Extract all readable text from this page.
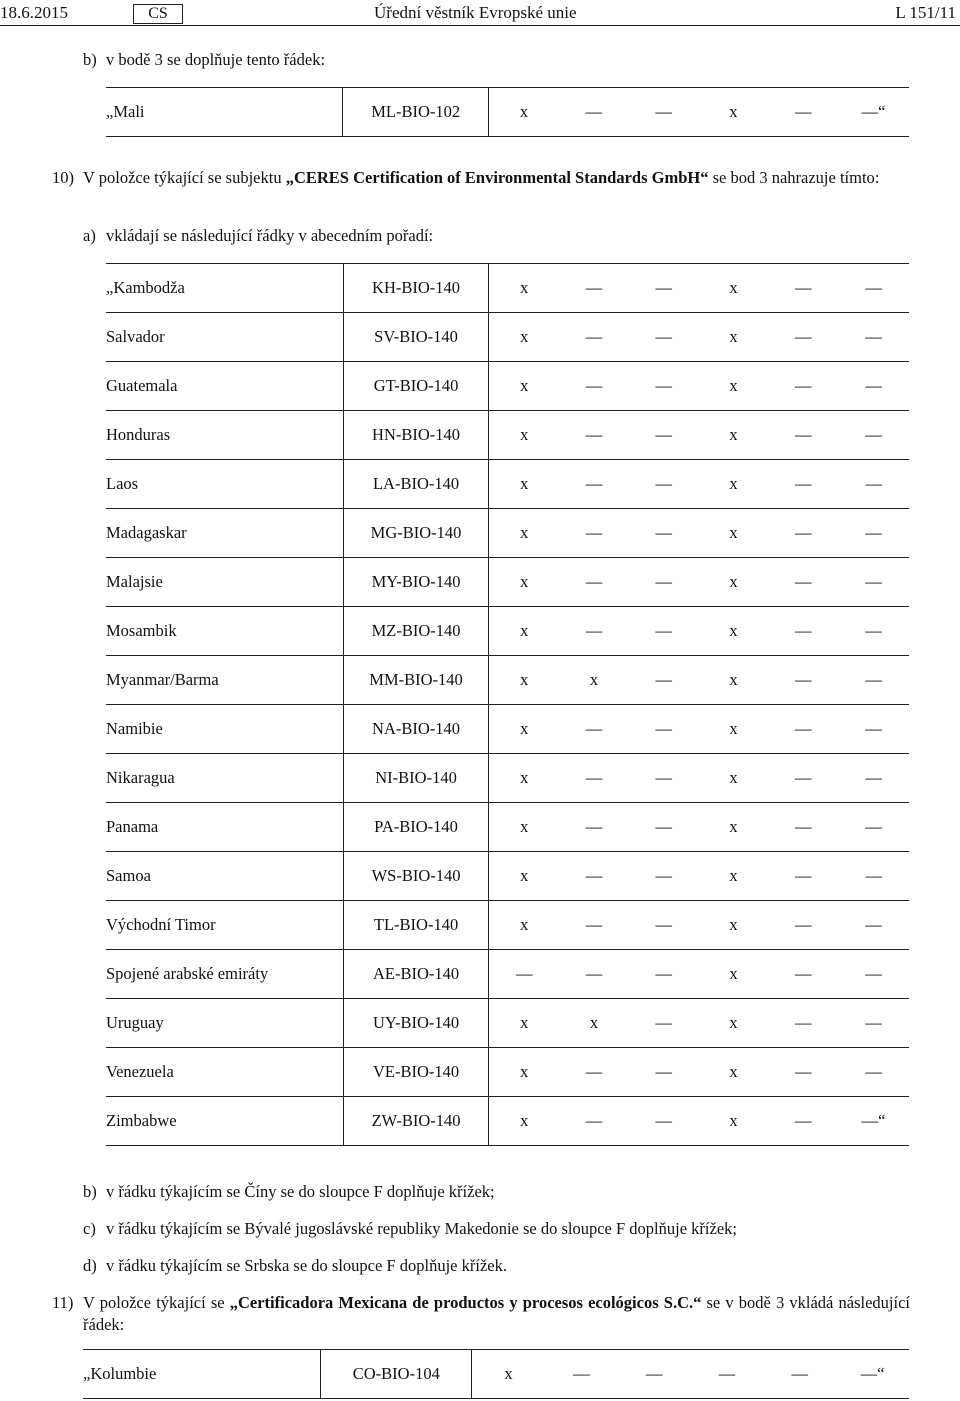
18.6.2015	CS	Úřední věstník Evropské unie	L 151/11
b) v bodě 3 se doplňuje tento řádek:
„Mali	ML-BIO-102	x	—	—	x	—	—“
10) V položce týkající se subjektu „CERES Certification of Environmental Standards GmbH“ se bod 3 nahrazuje tímto:
a) vkládají se následující řádky v abecedním pořadí:
„Kambodža	KH-BIO-140	x	—	—	x	—	—
Salvador	SV-BIO-140	x	—	—	x	—	—
Guatemala	GT-BIO-140	x	—	—	x	—	—
Honduras	HN-BIO-140	x	—	—	x	—	—
Laos	LA-BIO-140	x	—	—	x	—	—
Madagaskar	MG-BIO-140	x	—	—	x	—	—
Malajsie	MY-BIO-140	x	—	—	x	—	—
Mosambik	MZ-BIO-140	x	—	—	x	—	—
Myanmar/Barma	MM-BIO-140	x	x	—	x	—	—
Namibie	NA-BIO-140	x	—	—	x	—	—
Nikaragua	NI-BIO-140	x	—	—	x	—	—
Panama	PA-BIO-140	x	—	—	x	—	—
Samoa	WS-BIO-140	x	—	—	x	—	—
Východní Timor	TL-BIO-140	x	—	—	x	—	—
Spojené arabské emiráty	AE-BIO-140	—	—	—	x	—	—
Uruguay	UY-BIO-140	x	x	—	x	—	—
Venezuela	VE-BIO-140	x	—	—	x	—	—
Zimbabwe	ZW-BIO-140	x	—	—	x	—	—“
b) v řádku týkajícím se Číny se do sloupce F doplňuje křížek;
c) v řádku týkajícím se Bývalé jugoslávské republiky Makedonie se do sloupce F doplňuje křížek;
d) v řádku týkajícím se Srbska se do sloupce F doplňuje křížek.
11) V položce týkající se „Certificadora Mexicana de productos y procesos ecológicos S.C.“ se v bodě 3 vkládá následující řádek:
„Kolumbie	CO-BIO-104	x	—	—	—	—	—“
